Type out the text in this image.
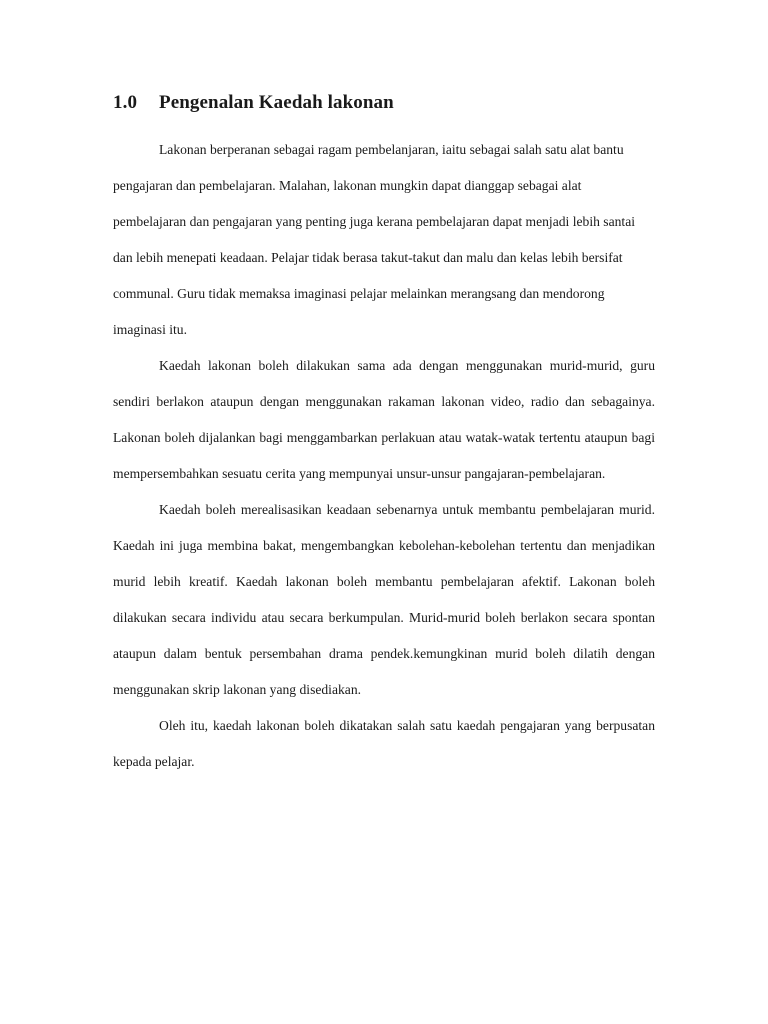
1.0 Pengenalan Kaedah lakonan

Lakonan berperanan sebagai ragam pembelanjaran, iaitu sebagai salah satu alat bantu pengajaran dan pembelajaran. Malahan, lakonan mungkin dapat dianggap sebagai alat pembelajaran dan pengajaran yang penting juga kerana pembelajaran dapat menjadi lebih santai dan lebih menepati keadaan. Pelajar tidak berasa takut-takut dan malu dan kelas lebih bersifat communal. Guru tidak memaksa imaginasi pelajar melainkan merangsang dan mendorong imaginasi itu.

Kaedah lakonan boleh dilakukan sama ada dengan menggunakan murid-murid, guru sendiri berlakon ataupun dengan menggunakan rakaman lakonan video, radio dan sebagainya. Lakonan boleh dijalankan bagi menggambarkan perlakuan atau watak-watak tertentu ataupun bagi mempersembahkan sesuatu cerita yang mempunyai unsur-unsur pangajaran-pembelajaran.

Kaedah boleh merealisasikan keadaan sebenarnya untuk membantu pembelajaran murid. Kaedah ini juga membina bakat, mengembangkan kebolehan-kebolehan tertentu dan menjadikan murid lebih kreatif. Kaedah lakonan boleh membantu pembelajaran afektif. Lakonan boleh dilakukan secara individu atau secara berkumpulan. Murid-murid boleh berlakon secara spontan ataupun dalam bentuk persembahan drama pendek.kemungkinan murid boleh dilatih dengan menggunakan skrip lakonan yang disediakan.

Oleh itu, kaedah lakonan boleh dikatakan salah satu kaedah pengajaran yang berpusatan kepada pelajar.
